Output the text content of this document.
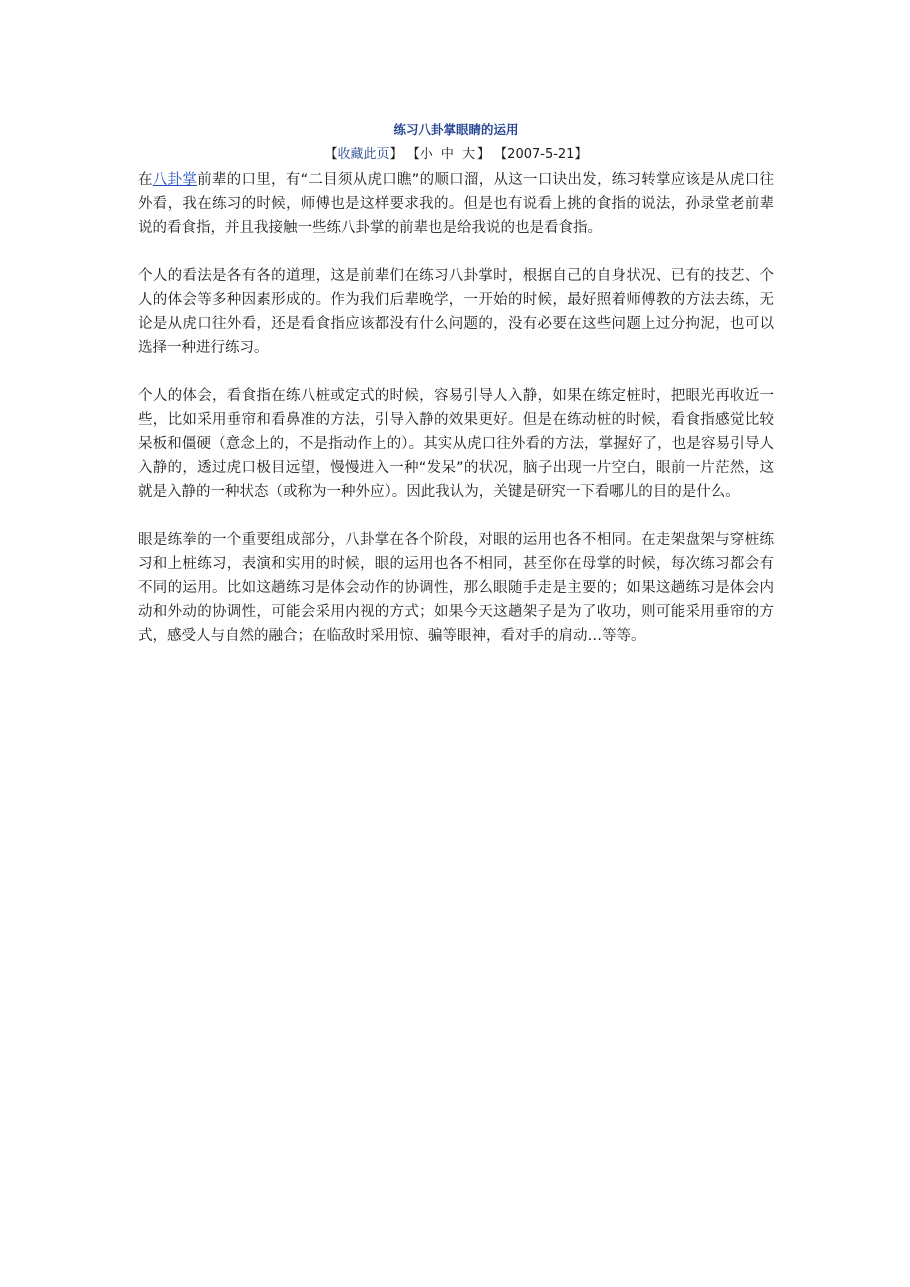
练习八卦掌眼睛的运用
【收藏此页】 【小 中 大】 【2007-5-21】

在八卦掌前辈的口里，有“二目须从虎口瞧”的顺口溜，从这一口诀出发，练习转掌应该是从虎口往外看，我在练习的时候，师傅也是这样要求我的。但是也有说看上挑的食指的说法，孙录堂老前辈说的看食指，并且我接触一些练八卦掌的前辈也是给我说的也是看食指。

个人的看法是各有各的道理，这是前辈们在练习八卦掌时，根据自己的自身状况、已有的技艺、个人的体会等多种因素形成的。作为我们后辈晚学，一开始的时候，最好照着师傅教的方法去练，无论是从虎口往外看，还是看食指应该都没有什么问题的，没有必要在这些问题上过分拘泥，也可以选择一种进行练习。

个人的体会，看食指在练八桩或定式的时候，容易引导人入静，如果在练定桩时，把眼光再收近一些，比如采用垂帘和看鼻准的方法，引导入静的效果更好。但是在练动桩的时候，看食指感觉比较呆板和僵硬（意念上的，不是指动作上的）。其实从虎口往外看的方法，掌握好了，也是容易引导人入静的，透过虎口极目远望，慢慢进入一种“发呆”的状况，脑子出现一片空白，眼前一片茫然，这就是入静的一种状态（或称为一种外应）。因此我认为，关键是研究一下看哪儿的目的是什么。

眼是练拳的一个重要组成部分，八卦掌在各个阶段，对眼的运用也各不相同。在走架盘架与穿桩练习和上桩练习，表演和实用的时候，眼的运用也各不相同，甚至你在母掌的时候，每次练习都会有不同的运用。比如这趟练习是体会动作的协调性，那么眼随手走是主要的；如果这趟练习是体会内动和外动的协调性，可能会采用内视的方式；如果今天这趟架子是为了收功，则可能采用垂帘的方式，感受人与自然的融合；在临敌时采用惊、骗等眼神，看对手的肩动…等等。
